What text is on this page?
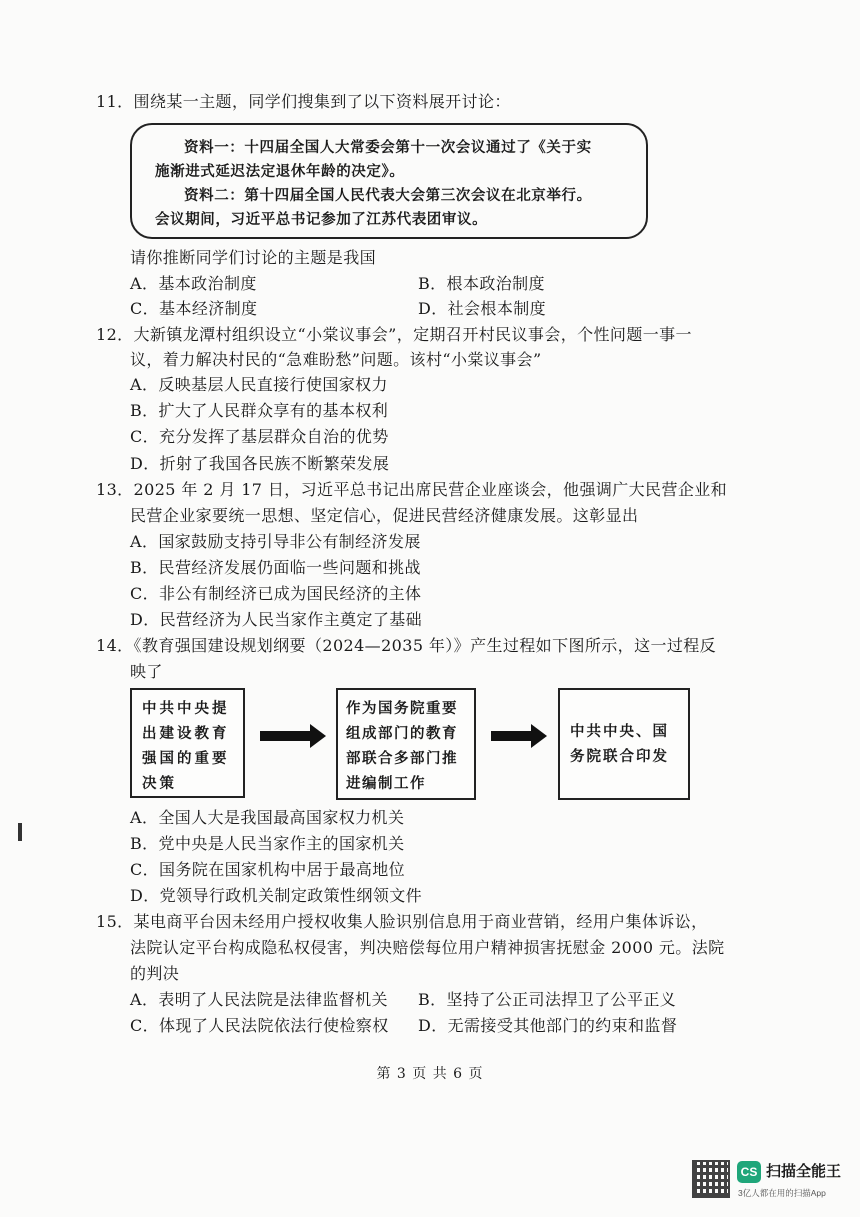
11．围绕某一主题，同学们搜集到了以下资料展开讨论：
资料一：十四届全国人大常委会第十一次会议通过了《关于实
施渐进式延迟法定退休年龄的决定》。
资料二：第十四届全国人民代表大会第三次会议在北京举行。
会议期间，习近平总书记参加了江苏代表团审议。
请你推断同学们讨论的主题是我国
A．基本政治制度	B．根本政治制度
C．基本经济制度	D．社会根本制度
12．大新镇龙潭村组织设立“小棠议事会”，定期召开村民议事会，个性问题一事一
议，着力解决村民的“急难盼愁”问题。该村“小棠议事会”
A．反映基层人民直接行使国家权力
B．扩大了人民群众享有的基本权利
C．充分发挥了基层群众自治的优势
D．折射了我国各民族不断繁荣发展
13．2025 年 2 月 17 日，习近平总书记出席民营企业座谈会，他强调广大民营企业和
民营企业家要统一思想、坚定信心，促进民营经济健康发展。这彰显出
A．国家鼓励支持引导非公有制经济发展
B．民营经济发展仍面临一些问题和挑战
C．非公有制经济已成为国民经济的主体
D．民营经济为人民当家作主奠定了基础
14．《教育强国建设规划纲要（2024—2035 年）》产生过程如下图所示，这一过程反
映了
中共中央提
出建设教育
强国的重要
决策
作为国务院重要
组成部门的教育
部联合多部门推
进编制工作
中共中央、国
务院联合印发
A．全国人大是我国最高国家权力机关
B．党中央是人民当家作主的国家机关
C．国务院在国家机构中居于最高地位
D．党领导行政机关制定政策性纲领文件
15．某电商平台因未经用户授权收集人脸识别信息用于商业营销，经用户集体诉讼，
法院认定平台构成隐私权侵害，判决赔偿每位用户精神损害抚慰金 2000 元。法院
的判决
A．表明了人民法院是法律监督机关 B．坚持了公正司法捍卫了公平正义
C．体现了人民法院依法行使检察权 D．无需接受其他部门的约束和监督
第 3 页 共 6 页
CS 扫描全能王
3亿人都在用的扫描App
